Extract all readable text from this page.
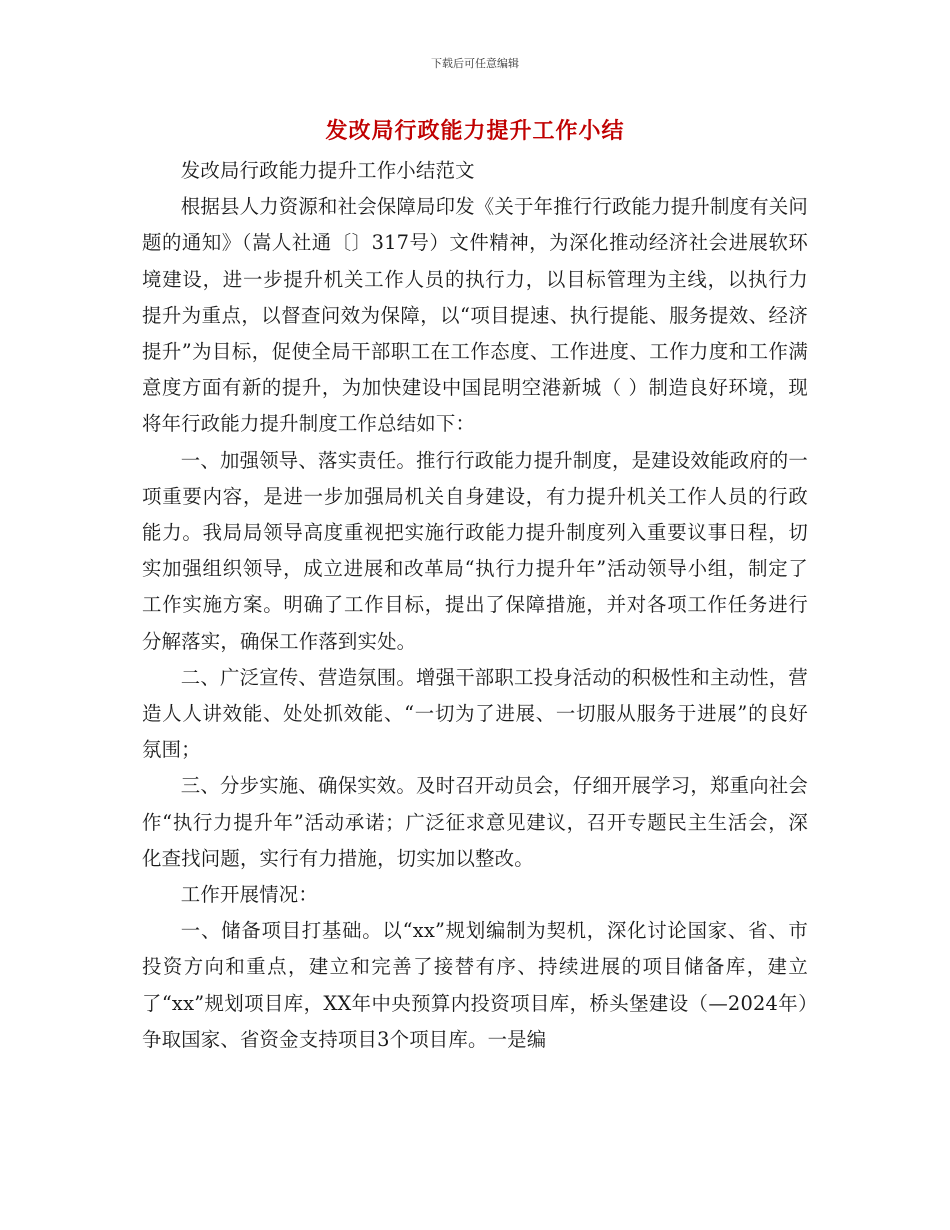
下载后可任意编辑
发改局行政能力提升工作小结

发改局行政能力提升工作小结范文

根据县人力资源和社会保障局印发《关于年推行行政能力提升制度有关问题的通知》（嵩人社通〔〕317号）文件精神，为深化推动经济社会进展软环境建设，进一步提升机关工作人员的执行力，以目标管理为主线，以执行力提升为重点，以督查问效为保障，以“项目提速、执行提能、服务提效、经济提升”为目标，促使全局干部职工在工作态度、工作进度、工作力度和工作满意度方面有新的提升，为加快建设中国昆明空港新城（ ）制造良好环境，现将年行政能力提升制度工作总结如下：

一、加强领导、落实责任。推行行政能力提升制度，是建设效能政府的一项重要内容，是进一步加强局机关自身建设，有力提升机关工作人员的行政能力。我局局领导高度重视把实施行政能力提升制度列入重要议事日程，切实加强组织领导，成立进展和改革局“执行力提升年”活动领导小组，制定了工作实施方案。明确了工作目标，提出了保障措施，并对各项工作任务进行分解落实，确保工作落到实处。

二、广泛宣传、营造氛围。增强干部职工投身活动的积极性和主动性，营造人人讲效能、处处抓效能、“一切为了进展、一切服从服务于进展”的良好氛围；

三、分步实施、确保实效。及时召开动员会，仔细开展学习，郑重向社会作“执行力提升年”活动承诺；广泛征求意见建议，召开专题民主生活会，深化查找问题，实行有力措施，切实加以整改。

工作开展情况：

一、储备项目打基础。以“xx”规划编制为契机，深化讨论国家、省、市投资方向和重点，建立和完善了接替有序、持续进展的项目储备库，建立了“xx”规划项目库，XX年中央预算内投资项目库，桥头堡建设（—2024年）争取国家、省资金支持项目3个项目库。一是编
